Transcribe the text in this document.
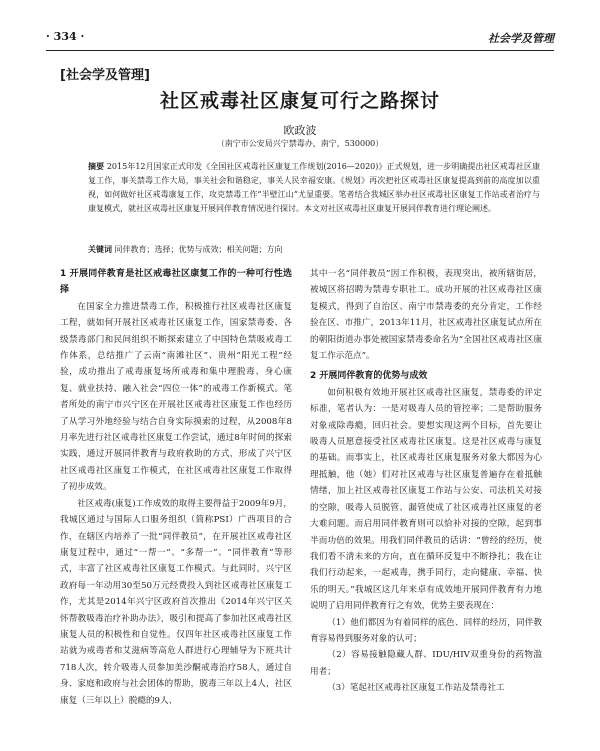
· 334 ·	社会学及管理
[社会学及管理]
社区戒毒社区康复可行之路探讨
欧政波
（南宁市公安局兴宁禁毒办，南宁，530000）
摘要 2015年12月国家正式印发《全国社区戒毒社区康复工作规划(2016—2020)》正式规划，进一步明确提出社区戒毒社区康复工作，事关禁毒工作大局，事关社会和谐稳定，事关人民幸福安康。《规划》再次把社区戒毒社区康复提高到前的高度加以重视，如何做好社区戒毒康复工作，攻克禁毒工作“半壁江山”尤显重要。笔者结合我城区举办社区戒毒社区康复工作站或者治疗与康复模式，就社区戒毒社区康复开展同伴教育情况进行探讨。本文对社区戒毒社区康复开展同伴教育进行理论阐述。
关键词 同伴教育；选择；优势与成效；相关问题；方向
1 开展同伴教育是社区戒毒社区康复工作的一种可行性选择

在国家全力推进禁毒工作，积极推行社区戒毒社区康复工程，就如何开展社区戒毒社区康复工作，国家禁毒委、各级禁毒部门和民间组织不断探索建立了中国特色禁吸戒毒工作体系，总结推广了云南“南滩社区”、贵州“阳光工程”经验，成功推出了戒毒康复场所戒毒和集中理脱毒、身心康复、就业扶持、融入社会“四位一体”的戒毒工作新模式。笔者所处的南宁市兴宁区在开展社区戒毒社区康复工作也经历了从学习外地经验与结合自身实际摸索的过程，从2008年8月率先进行社区戒毒社区康复工作尝试，通过8年时间的探索实践，通过开展同伴教育与政府救助的方式，形成了兴宁区社区戒毒社区康复工作模式，在社区戒毒社区康复工作取得了初步成效。

社区戒毒(康复)工作成效的取得主要得益于2009年9月，我城区通过与国际人口服务组织（简称PSI）广西项目的合作，在辖区内培养了一批“同伴教员”，在开展社区戒毒社区康复过程中，通过“一帮一”、“多帮一”、“同伴教育”等形式，丰富了社区戒毒社区康复工作模式。与此同时，兴宁区政府每一年动用30至50万元经费投入到社区戒毒社区康复工作，尤其是2014年兴宁区政府首次推出《2014年兴宁区关怀帮教吸毒治疗补助办法》，吸引和提高了参加社区戒毒社区康复人员的积极性和自觉性。仅四年社区戒毒社区康复工作站就为戒毒者和艾滋病等高危人群进行心理辅导为下班共计718人次，转介吸毒人员参加美沙酮戒毒治疗58人，通过自身、家庭和政府与社会团体的帮助，脱毒三年以上4人，社区康复（三年以上）脱瘾的9人、

其中一名“同伴教员”因工作积极，表现突出，被所辖街居，被城区将招聘为禁毒专职社工。成功开展的社区戒毒社区康复模式，得到了自治区、南宁市禁毒委的充分肯定，工作经验在区、市推广，2013年11月，社区戒毒社区康复试点所在的朝阳街道办事处被国家禁毒委命名为“全国社区戒毒社区康复工作示范点”。

2 开展同伴教育的优势与成效

如何积极有效地开展社区戒毒社区康复，禁毒委的评定标准，笔者认为：一是对吸毒人员的管控率；二是帮助服务对象戒除毒瘾，回归社会。要想实现这两个目标，首先要让吸毒人员愿意接受社区戒毒社区康复。这是社区戒毒与康复的基础。而事实上，社区戒毒社区康复服务对象大都因为心理抵触，他（她）们对社区戒毒与社区康复普遍存在着抵触情绪，加上社区戒毒社区康复工作站与公安、司法机关对接的空隙，吸毒人员脱管、漏管使成了社区戒毒社区康复的老大难问题。而启用同伴教育则可以恰补对接的空隙，起到事半而功倍的效果。用我们同伴教员的话讲：“曾经的经历，使我们看不清未来的方向，直在循环反复中不断挣扎；我在让我们行动起来，一起戒毒，携手同行，走向健康、幸福、快乐的明天。”我城区这几年来卓有成效地开展同伴教育有力地说明了启用同伴教育行之有效，优势主要表现在：

（1）他们都因为有着同样的底色、同样的经历，同伴教育容易得到服务对象的认可；

（2）容易接触隐藏人群、IDU/HIV双重身份的药物滥用者；

（3）笔起社区戒毒社区康复工作站及禁毒社工
